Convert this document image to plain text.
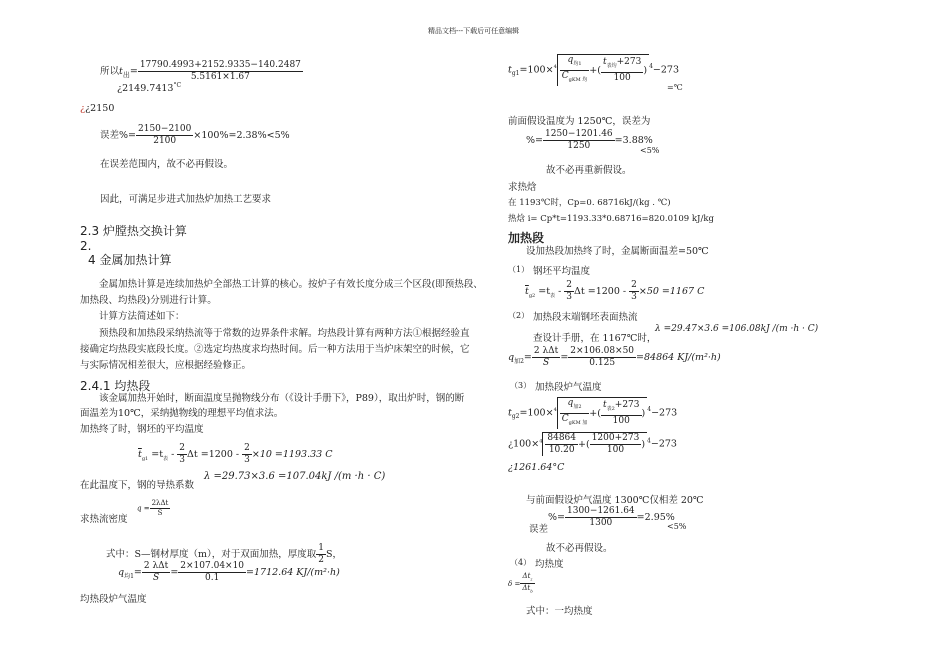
精品文档---下载后可任意编辑
所以$t_出= \frac{17790.4993+2152.9335-140.2487}{5.5161\times 1.67}$
¿$2149.7413^{^\circ C}$
¿¿2150
误差%= $\frac{2150-2100}{2100} \times 100\%=2.38\%<5\%$
在误差范围内，故不必再假设。
因此，可满足步进式加热炉加热工艺要求
2.3 炉膛热交换计算
2.
4 金属加热计算
金属加热计算是连续加热炉全部热工计算的核心。按炉子有效长度分成三个区段(即预热段、
加热段、均热段)分别进行计算。
计算方法简述如下：
预热段和加热段采纳热流等于常数的边界条件求解。均热段计算有两种方法①根据经验直
接确定均热段实底段长度。②选定均热度求均热时间。后一种方法用于当炉床架空的时候，它
与实际情况相差很大，应根据经验修正。
2.4.1 均热段
该金属加热开始时，断面温度呈抛物线分布（《设计手册下》，P89），取出炉时，钢的断
面温差为10℃，采纳抛物线的理想平均值求法。
加热终了时，钢坯的平均温度
$\overline{t}_{g1} =t_表 - \frac{2}{3}$ $\Delta t =1200 - \frac{2}{3} \times 10 =1193.33$ C
在此温度下，钢的导热系数
λ =29.73×3.6 =107.04kJ /(m ·h · C)
求热流密度
$q = \frac{\text{2λΔt}}{S}$
式中：S—钢材厚度（m），对于双面加热，厚度取 $\frac{1}{2}$ S，
$q_{均1}= \frac{\text{2 λΔt}}{S} = \frac{2\times 107.04\times 10}{0.1} =1712.64$ KJ/(m²·h)
均热段炉气温度
$t_{g1}=100\times^4 \frac{q_{均1}}{C_{gKM 均}}$ +( $\frac{t_{表均}+273}{100}$ ) $^4$−273
=℃
前面假设温度为 1250℃，误差为
%= $\frac{1250-1201.46}{1250} =3.88\%$
<5%
故不必再重新假设。
求热焓
在 1193℃时，Cp=0. 68716kJ/(kg . ℃)
热焓 i= Cp*t=1193.33*0.68716=820.0109 kJ/kg
加热段
设加热段加热终了时，金属断面温差=50℃
（1） 钢坯平均温度
$\overline{t}_{g2} =t_表 - \frac{2}{3}$ $\Delta t =1200 - \frac{2}{3} \times 50 =1167$ C
（2） 加热段末端钢坯表面热流
查设计手册，在 1167℃时，
λ =29.47×3.6 =106.08kJ /(m ·h · C)
$q_{加2}= \frac{\text{2 λΔt}}{S} = \frac{2\times 106.08\times 50}{0.125} =84864$ KJ/(m²·h)
（3） 加热段炉气温度
$t_{g2}=100\times^4 \frac{q_{加2}}{C_{gKM 加}}$ +( $\frac{t_{表2}+273}{100}$ ) $^4$−273
¿$100\times^4 \frac{84864}{10.20}$ +( $\frac{1200+273}{100}$ ) $^4$−273
¿1261.64°C
与前面假设炉气温度 1300℃仅相差 20℃
误差
%= $\frac{1300-1261.64}{1300} =2.95\%$
<5%
故不必再假设。
（4） 均热度
$\delta = \frac{\Delta t_z}{\Delta t_b}$
式中：一均热度
